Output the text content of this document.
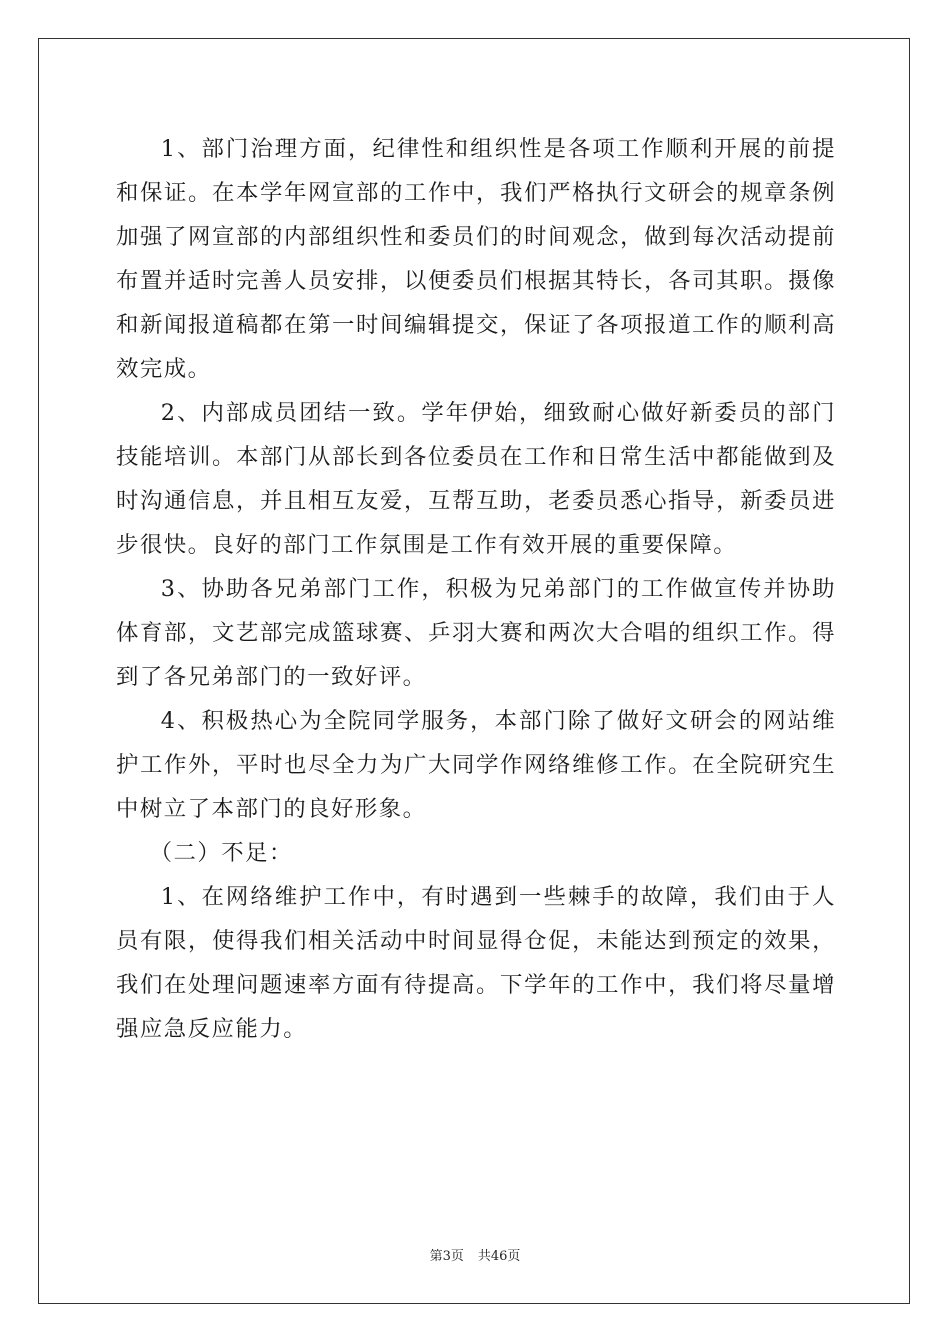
1、部门治理方面，纪律性和组织性是各项工作顺利开展的前提和保证。在本学年网宣部的工作中，我们严格执行文研会的规章条例加强了网宣部的内部组织性和委员们的时间观念，做到每次活动提前布置并适时完善人员安排，以便委员们根据其特长，各司其职。摄像和新闻报道稿都在第一时间编辑提交，保证了各项报道工作的顺利高效完成。

2、内部成员团结一致。学年伊始，细致耐心做好新委员的部门技能培训。本部门从部长到各位委员在工作和日常生活中都能做到及时沟通信息，并且相互友爱，互帮互助，老委员悉心指导，新委员进步很快。良好的部门工作氛围是工作有效开展的重要保障。

3、协助各兄弟部门工作，积极为兄弟部门的工作做宣传并协助体育部，文艺部完成篮球赛、乒羽大赛和两次大合唱的组织工作。得到了各兄弟部门的一致好评。

4、积极热心为全院同学服务，本部门除了做好文研会的网站维护工作外，平时也尽全力为广大同学作网络维修工作。在全院研究生中树立了本部门的良好形象。

（二）不足：

1、在网络维护工作中，有时遇到一些棘手的故障，我们由于人员有限，使得我们相关活动中时间显得仓促，未能达到预定的效果，我们在处理问题速率方面有待提高。下学年的工作中，我们将尽量增强应急反应能力。

第3页 共46页
